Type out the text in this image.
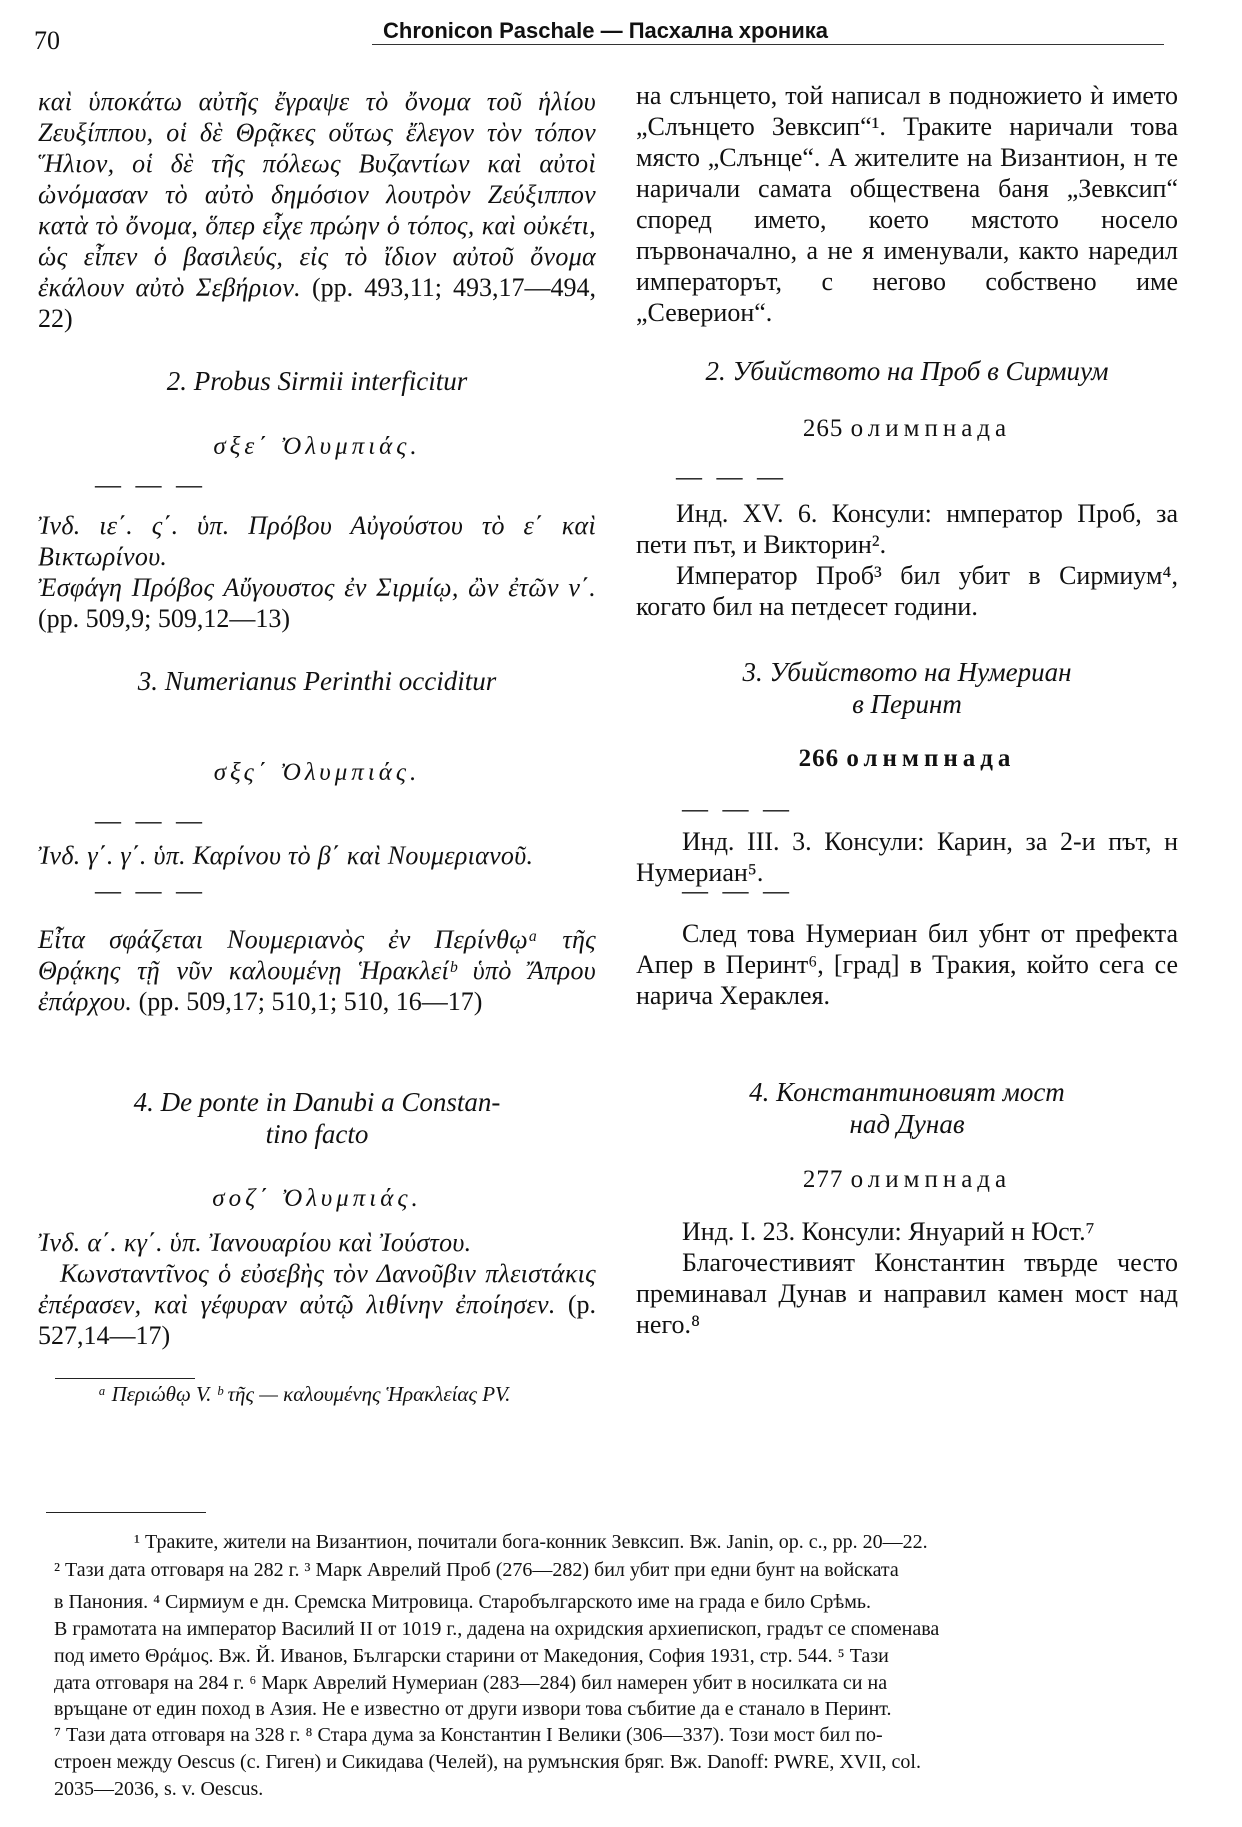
70	Chronicon Paschale — Пасхална хроника

καὶ ὑποκάτω αὐτῆς ἔγραψε τὸ ὄνομα τοῦ ἡλίου Ζευξίππου, οἱ δὲ Θρᾷκες οὕτως ἔλεγον τὸν τόπον Ἥλιον, οἱ δὲ τῆς πόλεως Βυζαντίων καὶ αὐτοὶ ὠνόμασαν τὸ αὐτὸ δημόσιον λουτρὸν Ζεύξιππον κατὰ τὸ ὄνομα, ὅπερ εἶχε πρώην ὁ τόπος, καὶ οὐκέτι, ὡς εἶπεν ὁ βασιλεύς, εἰς τὸ ἴδιον αὐτοῦ ὄνομα ἐκάλουν αὐτὸ Σεβήριον. (pp. 493,11; 493,17—494, 22)

2. Probus Sirmii interficitur
σξε΄ Ὀλυμπιάς.
— — —

Ἰνδ. ιε΄. ς΄. ὑπ. Πρόβου Αὐγούστου τὸ ε΄ καὶ Βικτωρίνου.

Ἐσφάγη Πρόβος Αὔγουστος ἐν Σιρμίῳ, ὢν ἐτῶν ν΄. (pp. 509,9; 509,12—13)

3. Numerianus Perinthi occiditur
σξς΄ Ὀλυμπιάς.
— — —

Ἰνδ. γ΄. γ΄. ὑπ. Καρίνου τὸ β΄ καὶ Νουμεριανοῦ.

— — —

Εἶτα σφάζεται Νουμεριανὸς ἐν Περίνθῳᵃ τῆς Θρᾴκης τῇ νῦν καλουμένῃ Ἡρακλείᵇ ὑπὸ Ἄπρου ἐπάρχου. (pp. 509,17; 510,1; 510, 16—17)

4. De ponte in Danubi a Constan-
tino facto
σοζ΄ Ὀλυμπιάς.

Ἰνδ. α΄. κγ΄. ὑπ. Ἰανουαρίου καὶ Ἰούστου.

Κωνσταντῖνος ὁ εὐσεβὴς τὸν Δανοῦβιν πλειστάκις ἐπέρασεν, καὶ γέφυραν αὐτῷ λιθίνην ἐποίησεν. (p. 527,14—17)

ᵃ Περιώθῳ V. ᵇ τῆς — καλουμένης Ἡρακλείας PV.

на слънцето, той написал в подножието ѝ името „Слънцето Зевксип“¹. Траките наричали това място „Слънце“. А жителите на Византион, н те наричали самата обществена баня „Зевксип“ според името, което мястото носело първоначално, а не я именували, както наредил императорът, с негово собствено име „Северион“.

2. Убийството на Проб в Сирмиум
265 олимпнада
— — —

Инд. XV. 6. Консули: нмператор Проб, за пети път, и Викторин².

Император Проб³ бил убит в Сирмиум⁴, когато бил на петдесет години.

3. Убийството на Нумериан
в Перинт
266 олнмпнада
— — —

Инд. III. 3. Консули: Карин, за 2-и път, н Нумериан⁵.

— — —

След това Нумериан бил убнт от префекта Апер в Перинт⁶, [град] в Тракия, който сега се нарича Хераклея.

4. Константиновият мост
над Дунав
277 олимпнада

Инд. I. 23. Консули: Януарий н Юст.⁷

Благочестивият Константин твърде често преминавал Дунав и направил камен мост над него.⁸

¹ Траките, жители на Византион, почитали бога-конник Зевксип. Вж. Janin, op. c., pp. 20—22.
² Тази дата отговаря на 282 г. ³ Марк Аврелий Проб (276—282) бил убит при едни бунт на войската
в Панония. ⁴ Сирмиум е дн. Сремска Митровица. Старобългарското име на града е било Срѣмь.
В грамотата на император Василий II от 1019 г., дадена на охридския архиепископ, градът се споменава
под името Θράμος. Вж. Й. Иванов, Български старини от Македония, София 1931, стр. 544. ⁵ Тази
дата отговаря на 284 г. ⁶ Марк Аврелий Нумериан (283—284) бил намерен убит в носилката си на
връщане от един поход в Азия. Не е известно от други извори това събитие да е станало в Перинт.
⁷ Тази дата отговаря на 328 г. ⁸ Стара дума за Константин I Велики (306—337). Този мост бил по-
строен между Oescus (с. Гиген) и Сикидава (Челей), на румънския бряг. Вж. Danoff: PWRE, XVII, col.
2035—2036, s. v. Oescus.
